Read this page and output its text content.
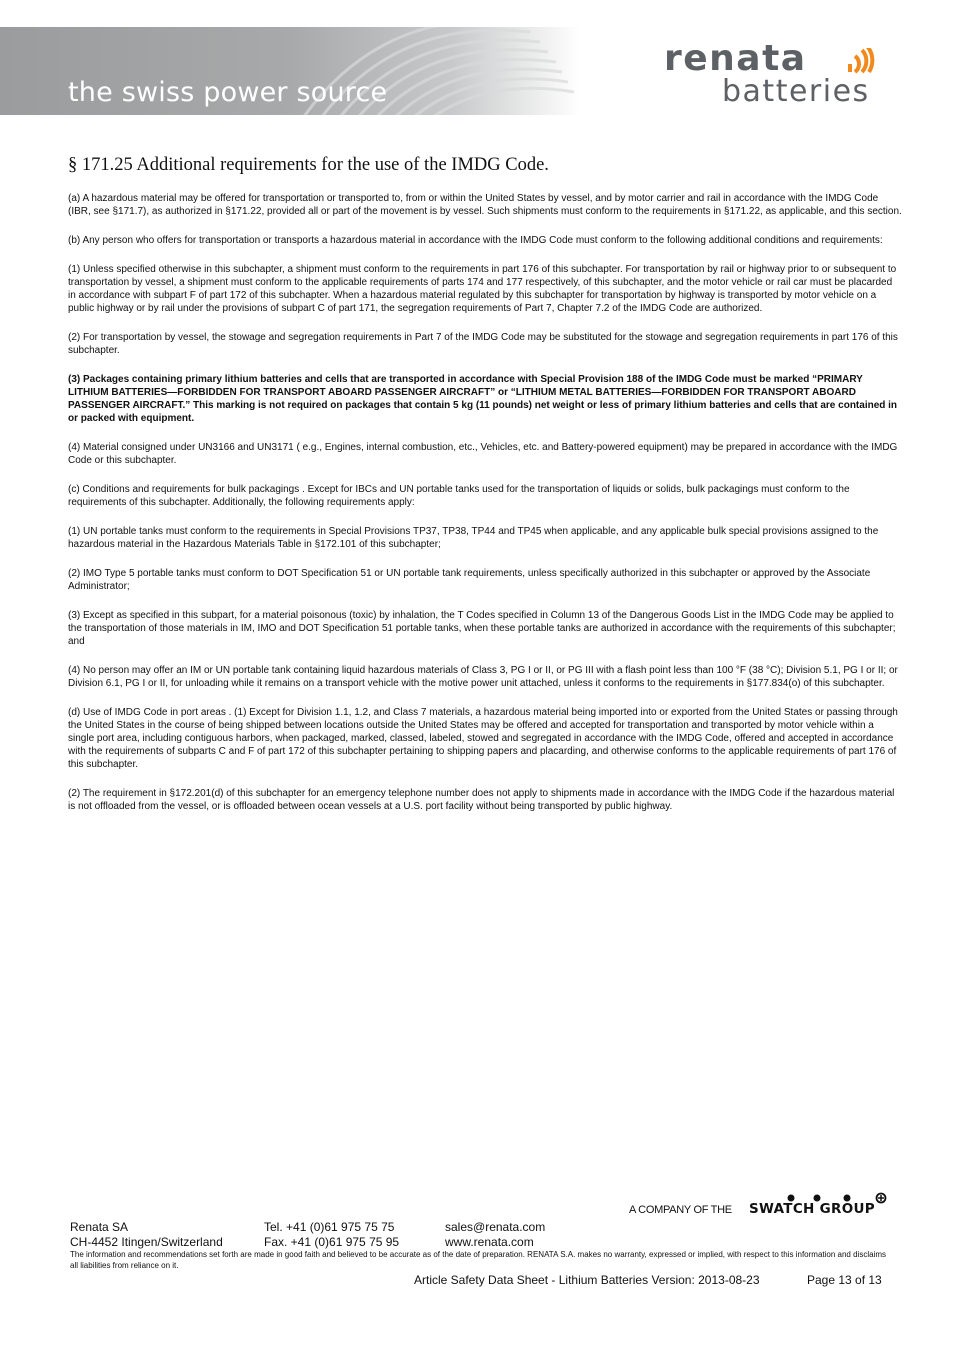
the swiss power source

renata
batteries
§ 171.25 Additional requirements for the use of the IMDG Code.

(a) A hazardous material may be offered for transportation or transported to, from or within the United States by vessel, and by motor carrier and rail in accordance with the IMDG Code (IBR, see §171.7), as authorized in §171.22, provided all or part of the movement is by vessel. Such shipments must conform to the requirements in §171.22, as applicable, and this section.

(b) Any person who offers for transportation or transports a hazardous material in accordance with the IMDG Code must conform to the following additional conditions and requirements:

(1) Unless specified otherwise in this subchapter, a shipment must conform to the requirements in part 176 of this subchapter. For transportation by rail or highway prior to or subsequent to transportation by vessel, a shipment must conform to the applicable requirements of parts 174 and 177 respectively, of this subchapter, and the motor vehicle or rail car must be placarded in accordance with subpart F of part 172 of this subchapter. When a hazardous material regulated by this subchapter for transportation by highway is transported by motor vehicle on a public highway or by rail under the provisions of subpart C of part 171, the segregation requirements of Part 7, Chapter 7.2 of the IMDG Code are authorized.

(2) For transportation by vessel, the stowage and segregation requirements in Part 7 of the IMDG Code may be substituted for the stowage and segregation requirements in part 176 of this subchapter.

(3) Packages containing primary lithium batteries and cells that are transported in accordance with Special Provision 188 of the IMDG Code must be marked “PRIMARY LITHIUM BATTERIES—FORBIDDEN FOR TRANSPORT ABOARD PASSENGER AIRCRAFT” or “LITHIUM METAL BATTERIES—FORBIDDEN FOR TRANSPORT ABOARD PASSENGER AIRCRAFT.” This marking is not required on packages that contain 5 kg (11 pounds) net weight or less of primary lithium batteries and cells that are contained in or packed with equipment.

(4) Material consigned under UN3166 and UN3171 ( e.g., Engines, internal combustion, etc., Vehicles, etc. and Battery-powered equipment) may be prepared in accordance with the IMDG Code or this subchapter.

(c) Conditions and requirements for bulk packagings . Except for IBCs and UN portable tanks used for the transportation of liquids or solids, bulk packagings must conform to the requirements of this subchapter. Additionally, the following requirements apply:

(1) UN portable tanks must conform to the requirements in Special Provisions TP37, TP38, TP44 and TP45 when applicable, and any applicable bulk special provisions assigned to the hazardous material in the Hazardous Materials Table in §172.101 of this subchapter;

(2) IMO Type 5 portable tanks must conform to DOT Specification 51 or UN portable tank requirements, unless specifically authorized in this subchapter or approved by the Associate Administrator;

(3) Except as specified in this subpart, for a material poisonous (toxic) by inhalation, the T Codes specified in Column 13 of the Dangerous Goods List in the IMDG Code may be applied to the transportation of those materials in IM, IMO and DOT Specification 51 portable tanks, when these portable tanks are authorized in accordance with the requirements of this subchapter; and

(4) No person may offer an IM or UN portable tank containing liquid hazardous materials of Class 3, PG I or II, or PG III with a flash point less than 100 °F (38 °C); Division 5.1, PG I or II; or Division 6.1, PG I or II, for unloading while it remains on a transport vehicle with the motive power unit attached, unless it conforms to the requirements in §177.834(o) of this subchapter.

(d) Use of IMDG Code in port areas . (1) Except for Division 1.1, 1.2, and Class 7 materials, a hazardous material being imported into or exported from the United States or passing through the United States in the course of being shipped between locations outside the United States may be offered and accepted for transportation and transported by motor vehicle within a single port area, including contiguous harbors, when packaged, marked, classed, labeled, stowed and segregated in accordance with the IMDG Code, offered and accepted in accordance with the requirements of subparts C and F of part 172 of this subchapter pertaining to shipping papers and placarding, and otherwise conforms to the applicable requirements of part 176 of this subchapter.

(2) The requirement in §172.201(d) of this subchapter for an emergency telephone number does not apply to shipments made in accordance with the IMDG Code if the hazardous material is not offloaded from the vessel, or is offloaded between ocean vessels at a U.S. port facility without being transported by public highway.

A COMPANY OF THE SWATCH GROUP
Renata SA
CH-4452 Itingen/Switzerland
Tel. +41 (0)61 975 75 75
Fax. +41 (0)61 975 75 95
sales@renata.com
www.renata.com

The information and recommendations set forth are made in good faith and believed to be accurate as of the date of preparation. RENATA S.A. makes no warranty, expressed or implied, with respect to this information and disclaims all liabilities from reliance on it.

Article Safety Data Sheet - Lithium Batteries Version: 2013-08-23	Page 13 of 13
